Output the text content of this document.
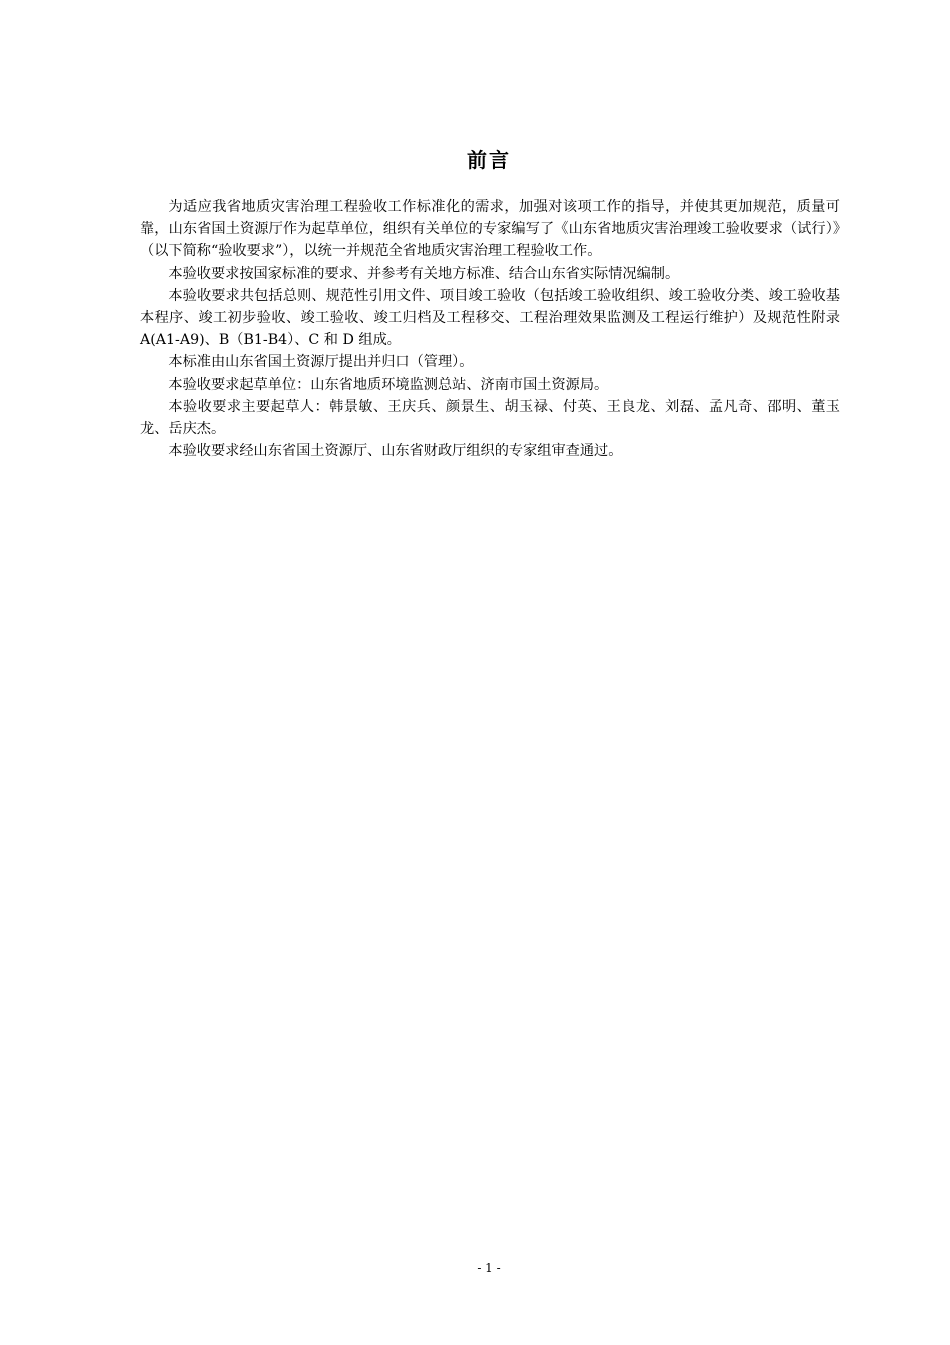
前言

为适应我省地质灾害治理工程验收工作标准化的需求，加强对该项工作的指导，并使其更加规范，质量可靠，山东省国土资源厅作为起草单位，组织有关单位的专家编写了《山东省地质灾害治理竣工验收要求（试行）》（以下简称“验收要求”），以统一并规范全省地质灾害治理工程验收工作。

本验收要求按国家标准的要求、并参考有关地方标准、结合山东省实际情况编制。

本验收要求共包括总则、规范性引用文件、项目竣工验收（包括竣工验收组织、竣工验收分类、竣工验收基本程序、竣工初步验收、竣工验收、竣工归档及工程移交、工程治理效果监测及工程运行维护）及规范性附录 A(A1-A9)、B（B1-B4）、C 和 D 组成。

本标准由山东省国土资源厅提出并归口（管理）。

本验收要求起草单位：山东省地质环境监测总站、济南市国土资源局。

本验收要求主要起草人：韩景敏、王庆兵、颜景生、胡玉禄、付英、王良龙、刘磊、孟凡奇、邵明、董玉龙、岳庆杰。

本验收要求经山东省国土资源厅、山东省财政厅组织的专家组审查通过。

- 1 -
